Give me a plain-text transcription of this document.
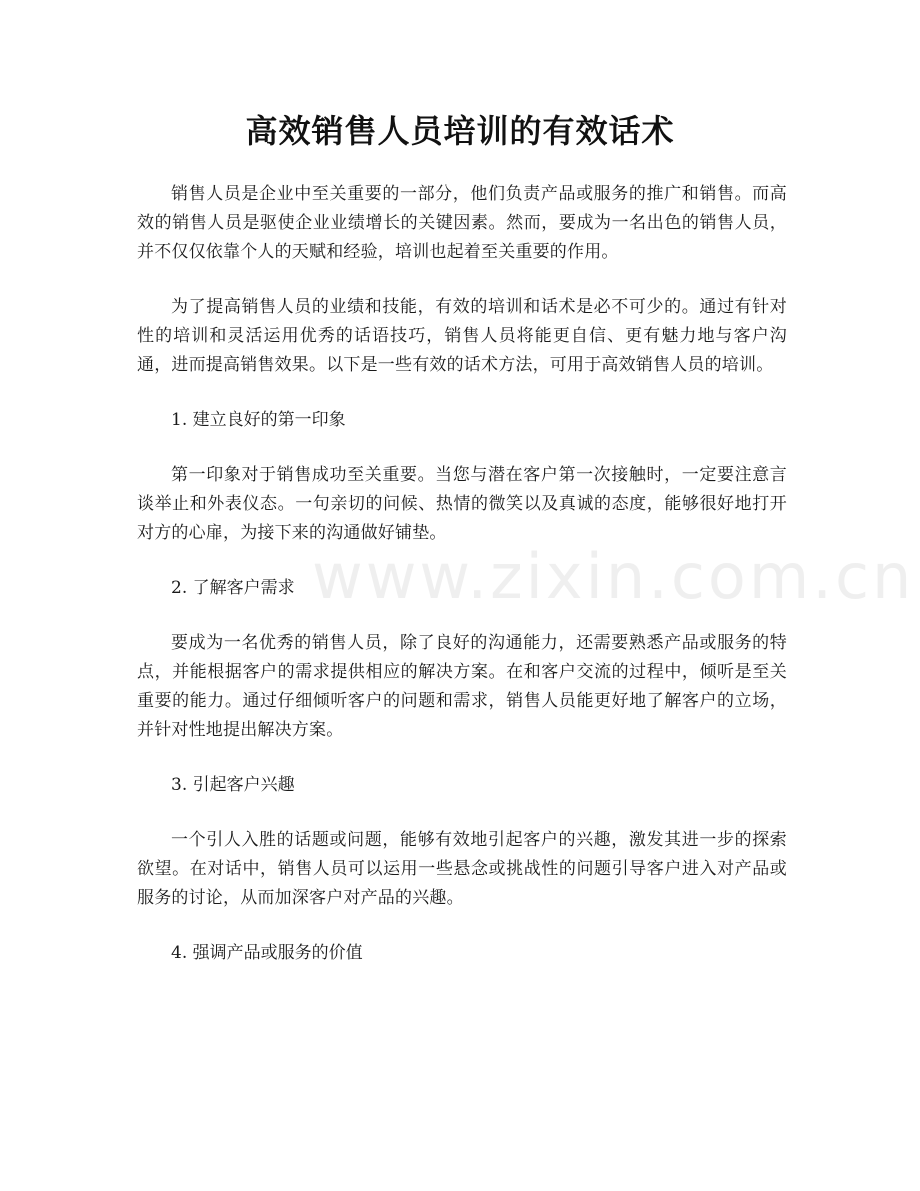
高效销售人员培训的有效话术

销售人员是企业中至关重要的一部分，他们负责产品或服务的推广和销售。而高效的销售人员是驱使企业业绩增长的关键因素。然而，要成为一名出色的销售人员，并不仅仅依靠个人的天赋和经验，培训也起着至关重要的作用。

为了提高销售人员的业绩和技能，有效的培训和话术是必不可少的。通过有针对性的培训和灵活运用优秀的话语技巧，销售人员将能更自信、更有魅力地与客户沟通，进而提高销售效果。以下是一些有效的话术方法，可用于高效销售人员的培训。

1. 建立良好的第一印象

第一印象对于销售成功至关重要。当您与潜在客户第一次接触时，一定要注意言谈举止和外表仪态。一句亲切的问候、热情的微笑以及真诚的态度，能够很好地打开对方的心扉，为接下来的沟通做好铺垫。

2. 了解客户需求

要成为一名优秀的销售人员，除了良好的沟通能力，还需要熟悉产品或服务的特点，并能根据客户的需求提供相应的解决方案。在和客户交流的过程中，倾听是至关重要的能力。通过仔细倾听客户的问题和需求，销售人员能更好地了解客户的立场，并针对性地提出解决方案。

3. 引起客户兴趣

一个引人入胜的话题或问题，能够有效地引起客户的兴趣，激发其进一步的探索欲望。在对话中，销售人员可以运用一些悬念或挑战性的问题引导客户进入对产品或服务的讨论，从而加深客户对产品的兴趣。

4. 强调产品或服务的价值

www.zixin.com.cn
